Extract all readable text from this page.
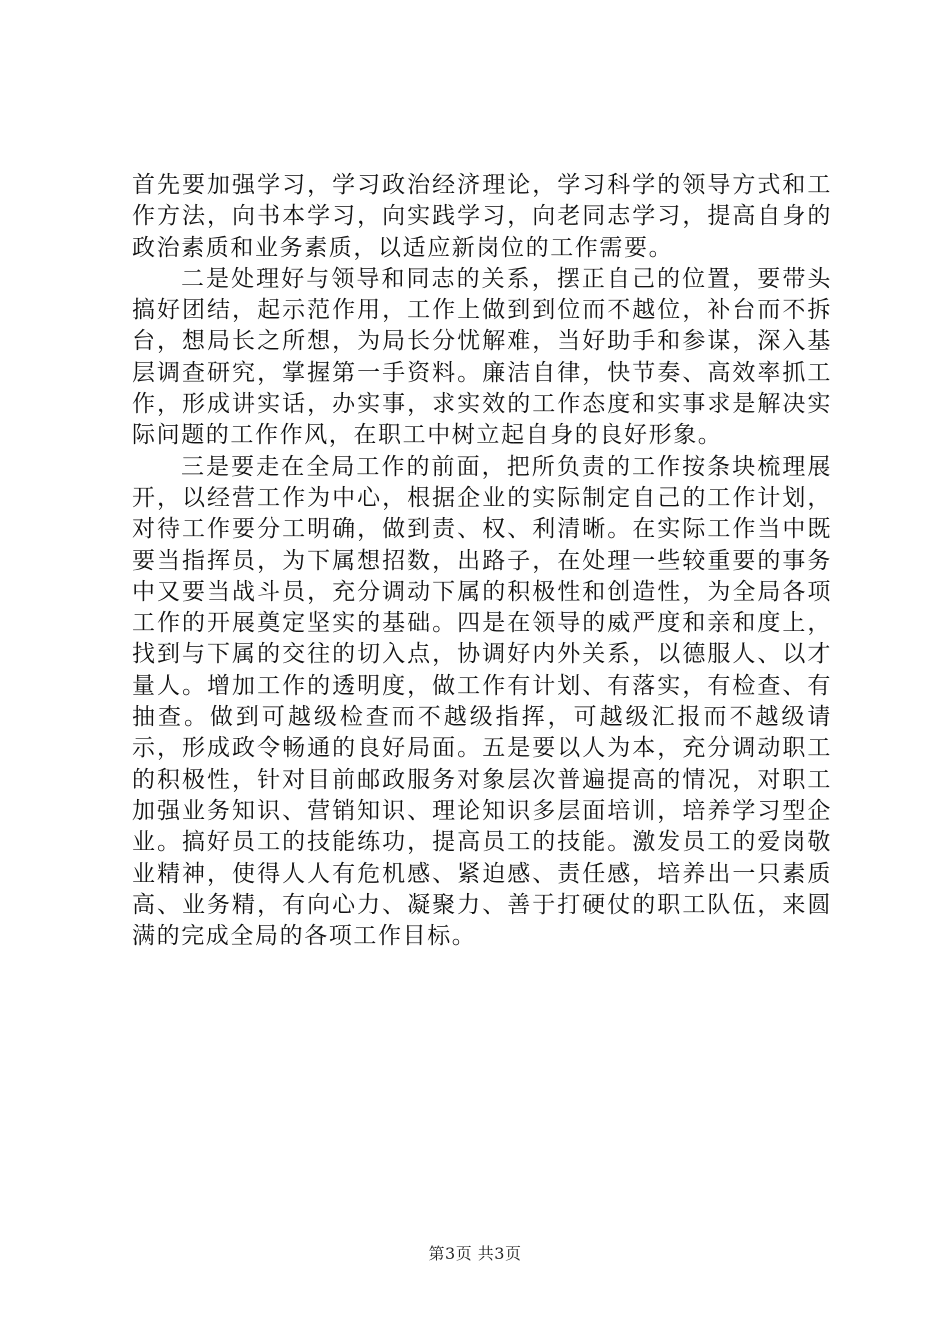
首先要加强学习，学习政治经济理论，学习科学的领导方式和工作方法，向书本学习，向实践学习，向老同志学习，提高自身的政治素质和业务素质，以适应新岗位的工作需要。

二是处理好与领导和同志的关系，摆正自己的位置，要带头搞好团结，起示范作用，工作上做到到位而不越位，补台而不拆台，想局长之所想，为局长分忧解难，当好助手和参谋，深入基层调查研究，掌握第一手资料。廉洁自律，快节奏、高效率抓工作，形成讲实话，办实事，求实效的工作态度和实事求是解决实际问题的工作作风，在职工中树立起自身的良好形象。

三是要走在全局工作的前面，把所负责的工作按条块梳理展开，以经营工作为中心，根据企业的实际制定自己的工作计划，对待工作要分工明确，做到责、权、利清晰。在实际工作当中既要当指挥员，为下属想招数，出路子，在处理一些较重要的事务中又要当战斗员，充分调动下属的积极性和创造性，为全局各项工作的开展奠定坚实的基础。四是在领导的威严度和亲和度上，找到与下属的交往的切入点，协调好内外关系，以德服人、以才量人。增加工作的透明度，做工作有计划、有落实，有检查、有抽查。做到可越级检查而不越级指挥，可越级汇报而不越级请示，形成政令畅通的良好局面。五是要以人为本，充分调动职工的积极性，针对目前邮政服务对象层次普遍提高的情况，对职工加强业务知识、营销知识、理论知识多层面培训，培养学习型企业。搞好员工的技能练功，提高员工的技能。激发员工的爱岗敬业精神，使得人人有危机感、紧迫感、责任感，培养出一只素质高、业务精，有向心力、凝聚力、善于打硬仗的职工队伍，来圆满的完成全局的各项工作目标。

第3页 共3页
